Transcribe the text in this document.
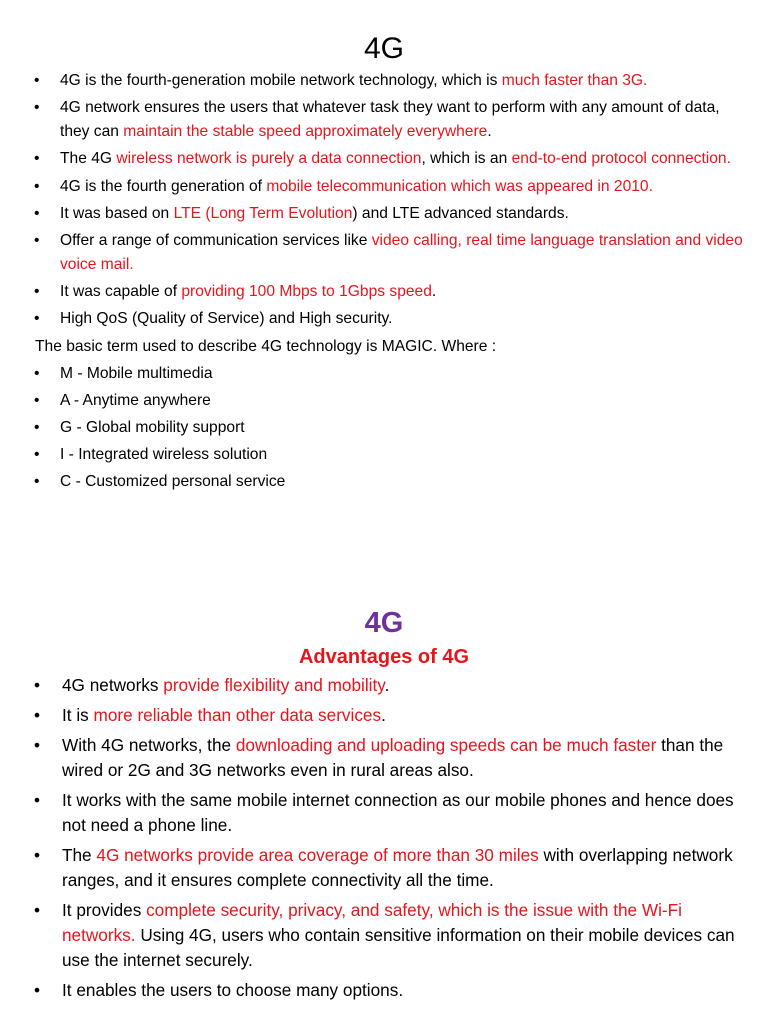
4G
• 4G is the fourth-generation mobile network technology, which is much faster than 3G.
• 4G network ensures the users that whatever task they want to perform with any amount of data, they can maintain the stable speed approximately everywhere.
• The 4G wireless network is purely a data connection, which is an end-to-end protocol connection.
• 4G is the fourth generation of mobile telecommunication which was appeared in 2010.
• It was based on LTE (Long Term Evolution) and LTE advanced standards.
• Offer a range of communication services like video calling, real time language translation and video voice mail.
• It was capable of providing 100 Mbps to 1Gbps speed.
• High QoS (Quality of Service) and High security.
The basic term used to describe 4G technology is MAGIC. Where :
• M - Mobile multimedia
• A - Anytime anywhere
• G - Global mobility support
• I - Integrated wireless solution
• C - Customized personal service
4G
Advantages of 4G
• 4G networks provide flexibility and mobility.
• It is more reliable than other data services.
• With 4G networks, the downloading and uploading speeds can be much faster than the wired or 2G and 3G networks even in rural areas also.
• It works with the same mobile internet connection as our mobile phones and hence does not need a phone line.
• The 4G networks provide area coverage of more than 30 miles with overlapping network ranges, and it ensures complete connectivity all the time.
• It provides complete security, privacy, and safety, which is the issue with the Wi-Fi networks. Using 4G, users who contain sensitive information on their mobile devices can use the internet securely.
• It enables the users to choose many options.
